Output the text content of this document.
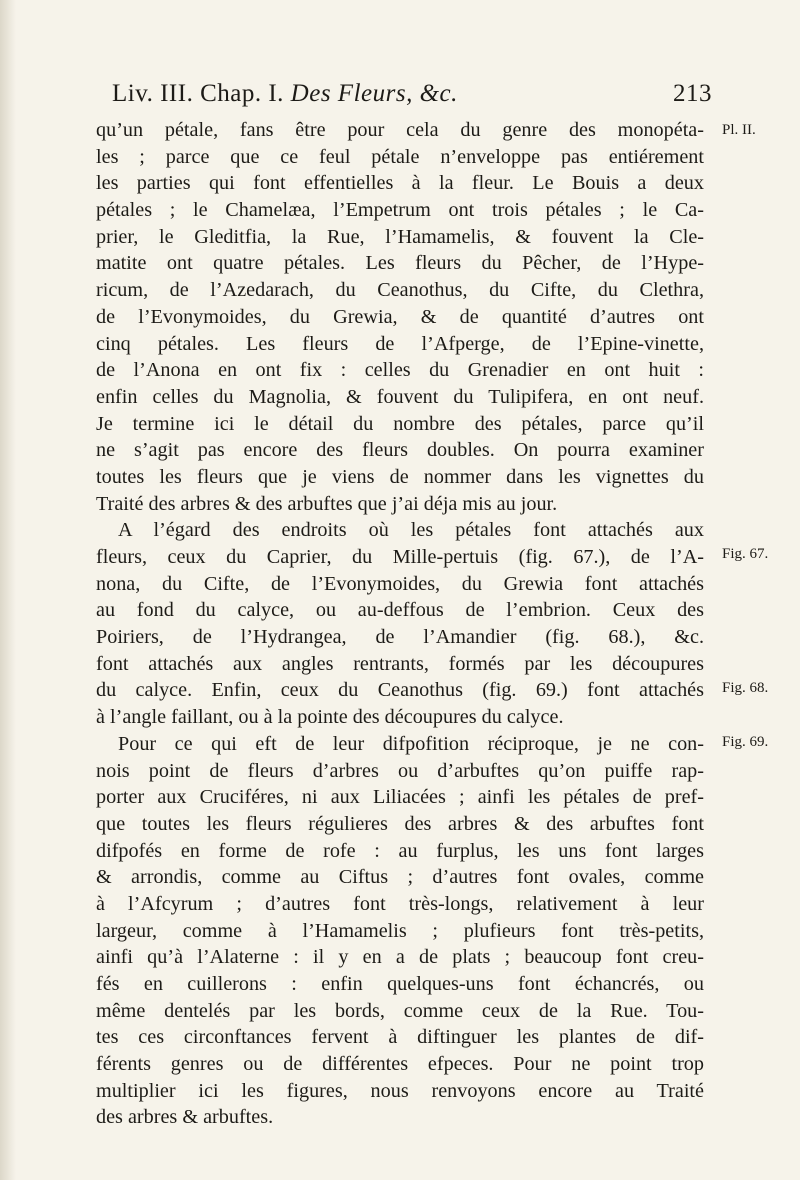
Liv. III. Chap. I. Des Fleurs, &c.	213
Pl. II.
Fig. 67.
Fig. 68.
Fig. 69.
qu’un pétale, fans être pour cela du genre des monopéta-
les ; parce que ce feul pétale n’enveloppe pas entiérement
les parties qui font effentielles à la fleur. Le Bouis a deux
pétales ; le Chamelæa, l’Empetrum ont trois pétales ; le Ca-
prier, le Gleditfia, la Rue, l’Hamamelis, & fouvent la Cle-
matite ont quatre pétales. Les fleurs du Pêcher, de l’Hype-
ricum, de l’Azedarach, du Ceanothus, du Cifte, du Clethra,
de l’Evonymoides, du Grewia, & de quantité d’autres ont
cinq pétales. Les fleurs de l’Afperge, de l’Epine-vinette,
de l’Anona en ont fix : celles du Grenadier en ont huit :
enfin celles du Magnolia, & fouvent du Tulipifera, en ont neuf.
Je termine ici le détail du nombre des pétales, parce qu’il
ne s’agit pas encore des fleurs doubles. On pourra examiner
toutes les fleurs que je viens de nommer dans les vignettes du
Traité des arbres & des arbuftes que j’ai déja mis au jour.
A l’égard des endroits où les pétales font attachés aux
fleurs, ceux du Caprier, du Mille-pertuis (fig. 67.), de l’A-
nona, du Cifte, de l’Evonymoides, du Grewia font attachés
au fond du calyce, ou au-deffous de l’embrion. Ceux des
Poiriers, de l’Hydrangea, de l’Amandier (fig. 68.), &c.
font attachés aux angles rentrants, formés par les découpures
du calyce. Enfin, ceux du Ceanothus (fig. 69.) font attachés
à l’angle faillant, ou à la pointe des découpures du calyce.
Pour ce qui eft de leur difpofition réciproque, je ne con-
nois point de fleurs d’arbres ou d’arbuftes qu’on puiffe rap-
porter aux Cruciféres, ni aux Liliacées ; ainfi les pétales de pref-
que toutes les fleurs régulieres des arbres & des arbuftes font
difpofés en forme de rofe : au furplus, les uns font larges
& arrondis, comme au Ciftus ; d’autres font ovales, comme
à l’Afcyrum ; d’autres font très-longs, relativement à leur
largeur, comme à l’Hamamelis ; plufieurs font très-petits,
ainfi qu’à l’Alaterne : il y en a de plats ; beaucoup font creu-
fés en cuillerons : enfin quelques-uns font échancrés, ou
même dentelés par les bords, comme ceux de la Rue. Tou-
tes ces circonftances fervent à diftinguer les plantes de dif-
férents genres ou de différentes efpeces. Pour ne point trop
multiplier ici les figures, nous renvoyons encore au Traité
des arbres & arbuftes.
